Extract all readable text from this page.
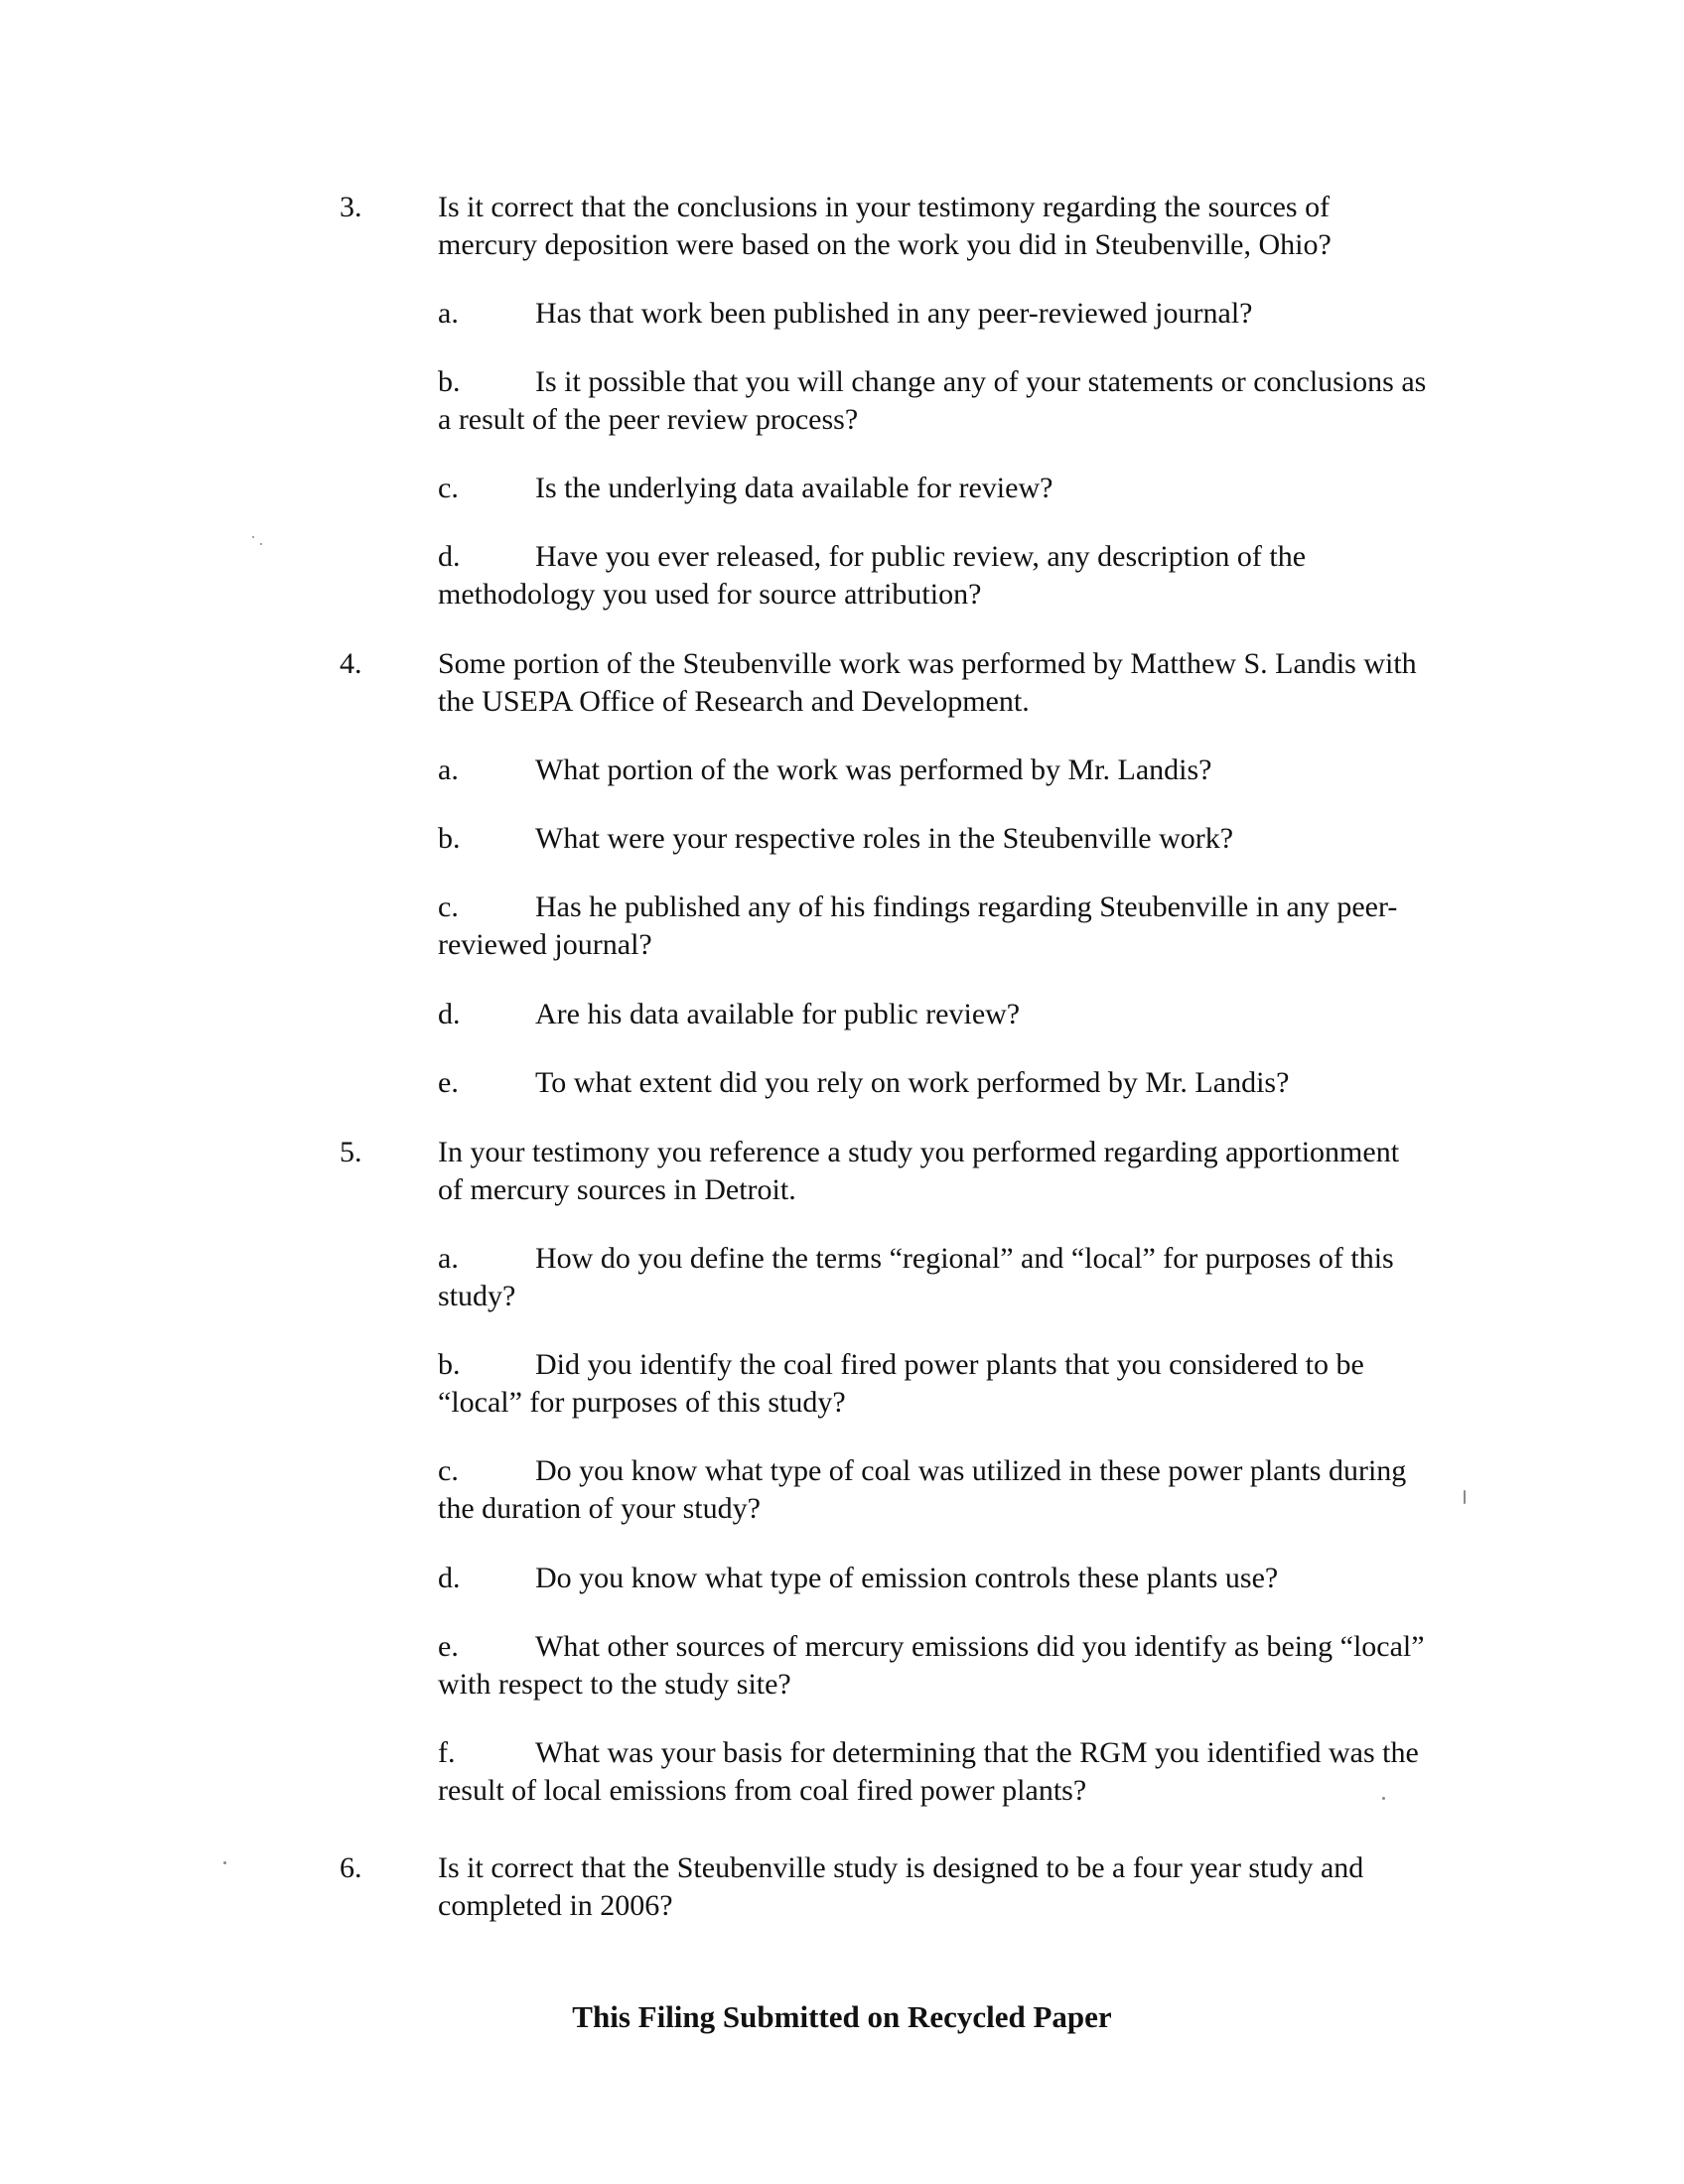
3.	Is it correct that the conclusions in your testimony regarding the sources of mercury deposition were based on the work you did in Steubenville, Ohio?
a.	Has that work been published in any peer-reviewed journal?
b.	Is it possible that you will change any of your statements or conclusions as a result of the peer review process?
c.	Is the underlying data available for review?
d.	Have you ever released, for public review, any description of the methodology you used for source attribution?
4.	Some portion of the Steubenville work was performed by Matthew S. Landis with the USEPA Office of Research and Development.
a.	What portion of the work was performed by Mr. Landis?
b.	What were your respective roles in the Steubenville work?
c.	Has he published any of his findings regarding Steubenville in any peer-reviewed journal?
d.	Are his data available for public review?
e.	To what extent did you rely on work performed by Mr. Landis?
5.	In your testimony you reference a study you performed regarding apportionment of mercury sources in Detroit.
a.	How do you define the terms “regional” and “local” for purposes of this study?
b.	Did you identify the coal fired power plants that you considered to be “local” for purposes of this study?
c.	Do you know what type of coal was utilized in these power plants during the duration of your study?
d.	Do you know what type of emission controls these plants use?
e.	What other sources of mercury emissions did you identify as being “local” with respect to the study site?
f.	What was your basis for determining that the RGM you identified was the result of local emissions from coal fired power plants?
6.	Is it correct that the Steubenville study is designed to be a four year study and completed in 2006?
This Filing Submitted on Recycled Paper
